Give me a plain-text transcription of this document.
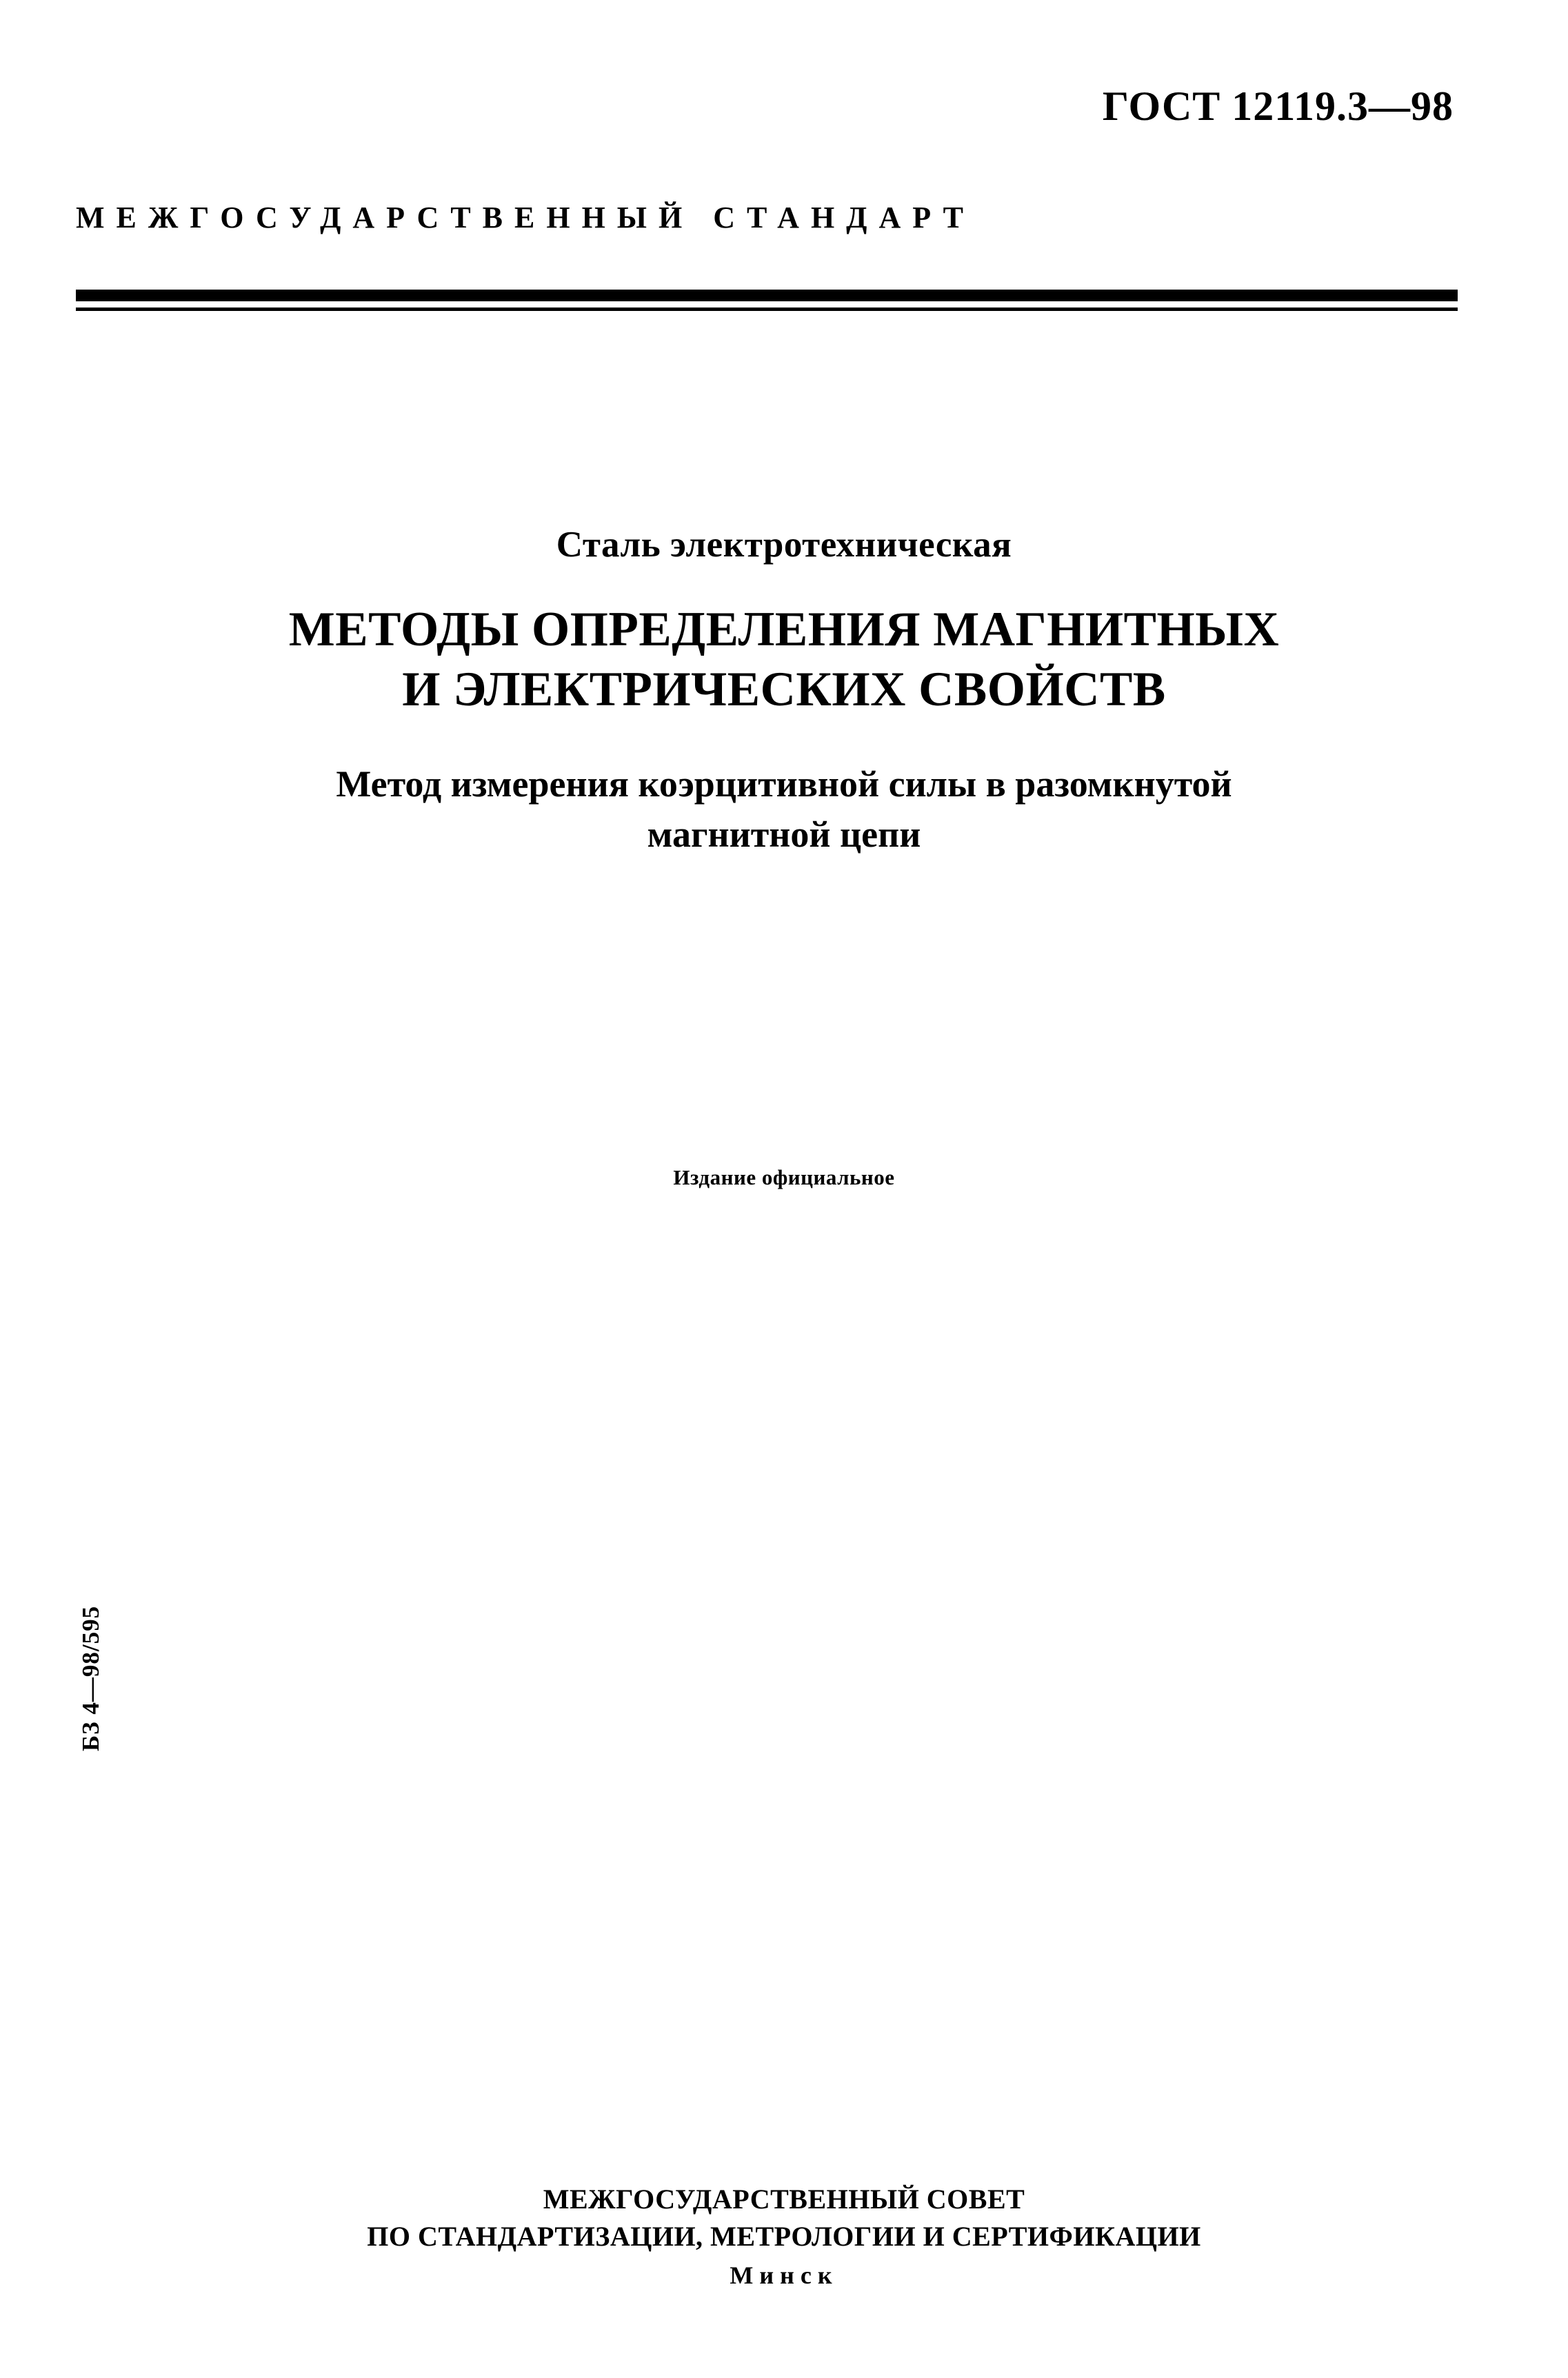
ГОСТ 12119.3—98
МЕЖГОСУДАРСТВЕННЫЙ СТАНДАРТ
Сталь электротехническая
МЕТОДЫ ОПРЕДЕЛЕНИЯ МАГНИТНЫХ
И ЭЛЕКТРИЧЕСКИХ СВОЙСТВ
Метод измерения коэрцитивной силы в разомкнутой
магнитной цепи
Издание официальное
БЗ 4—98/595
МЕЖГОСУДАРСТВЕННЫЙ СОВЕТ
ПО СТАНДАРТИЗАЦИИ, МЕТРОЛОГИИ И СЕРТИФИКАЦИИ
Минск
